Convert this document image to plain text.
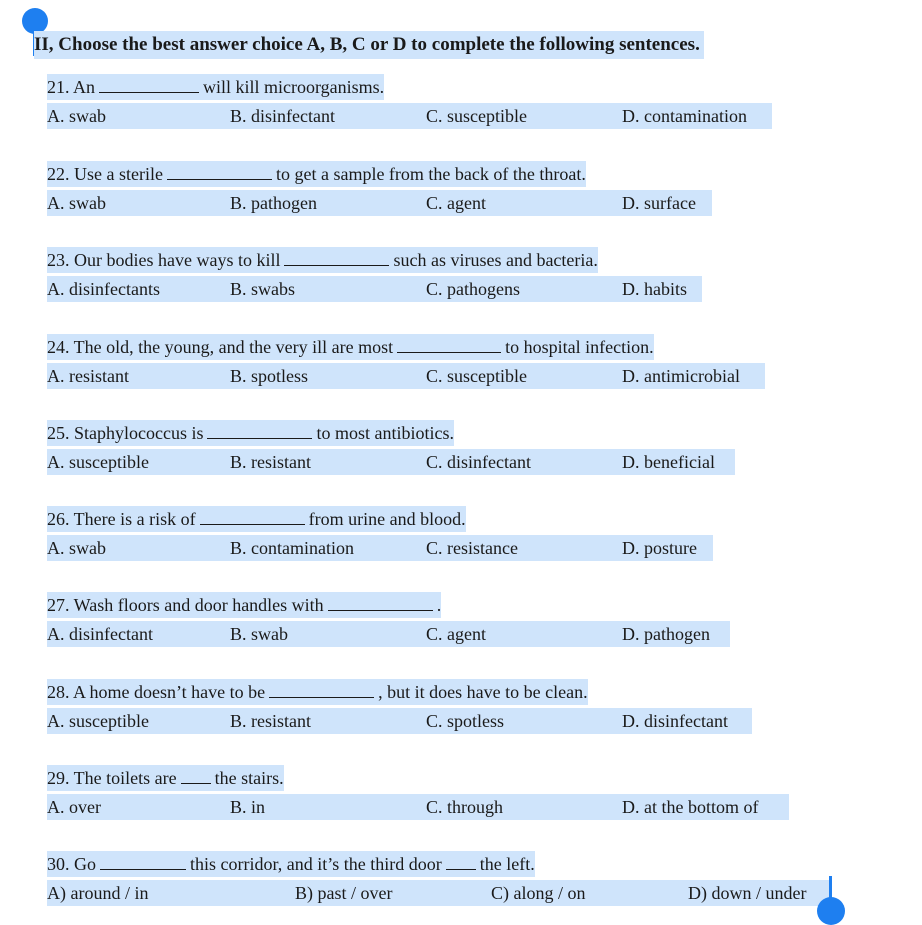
II, Choose the best answer choice A, B, C or D to complete the following sentences.
21. An	will kill microorganisms.
A. swab	B. disinfectant	C. susceptible	D. contamination
22. Use a sterile	to get a sample from the back of the throat.
A. swab	B. pathogen	C. agent	D. surface
23. Our bodies have ways to kill	such as viruses and bacteria.
A. disinfectants	B. swabs	C. pathogens	D. habits
24. The old, the young, and the very ill are most	to hospital infection.
A. resistant	B. spotless	C. susceptible	D. antimicrobial
25. Staphylococcus is	to most antibiotics.
A. susceptible	B. resistant	C. disinfectant	D. beneficial
26. There is a risk of	from urine and blood.
A. swab	B. contamination	C. resistance	D. posture
27. Wash floors and door handles with	.
A. disinfectant	B. swab	C. agent	D. pathogen
28. A home doesn’t have to be	, but it does have to be clean.
A. susceptible	B. resistant	C. spotless	D. disinfectant
29. The toilets are the stairs.
A. over	B. in	C. through	D. at the bottom of
30. Go	this corridor, and it’s the third door the left.
A) around / in	B) past / over	C) along / on	D) down / under
